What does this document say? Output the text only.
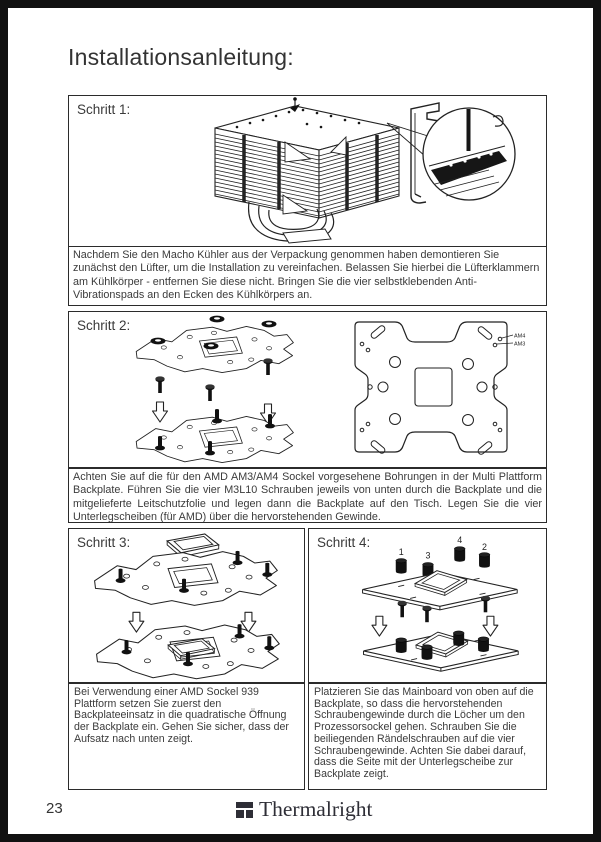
Installationsanleitung:
Schritt 1:
Nachdem Sie den Macho Kühler aus der Verpackung genommen haben demontieren Sie zunächst den Lüfter, um die Installation zu vereinfachen. Belassen Sie hierbei die Lüfterklammern am Kühlkörper - entfernen Sie diese nicht. Bringen Sie die vier selbstklebenden Anti-Vibrationspads an den Ecken des Kühlkörpers an.
Schritt 2:
AM4
AM3
Achten Sie auf die für den AMD AM3/AM4 Sockel vorgesehene Bohrungen in der Multi Plattform Backplate. Führen Sie die vier M3L10 Schrauben jeweils von unten durch die Backplate und die mitgelieferte Leitschutzfolie und legen dann die Backplate auf den Tisch. Legen Sie die vier Unterlegscheiben (für AMD) über die hervorstehenden Gewinde.
Schritt 3:	Schritt 4:
1 3
4
2
Bei Verwendung einer AMD Sockel 939 Plattform setzen Sie zuerst den Backplateeinsatz in die quadratische Öffnung der Backplate ein. Gehen Sie sicher, dass der Aufsatz nach unten zeigt.
Platzieren Sie das Mainboard von oben auf die Backplate, so dass die hervorstehenden Schraubengewinde durch die Löcher um den Prozessorsockel gehen. Schrauben Sie die beiliegenden Rändelschrauben auf die vier Schraubengewinde. Achten Sie dabei darauf, dass die Seite mit der Unterlegscheibe zur Backplate zeigt.
23	Thermalright
